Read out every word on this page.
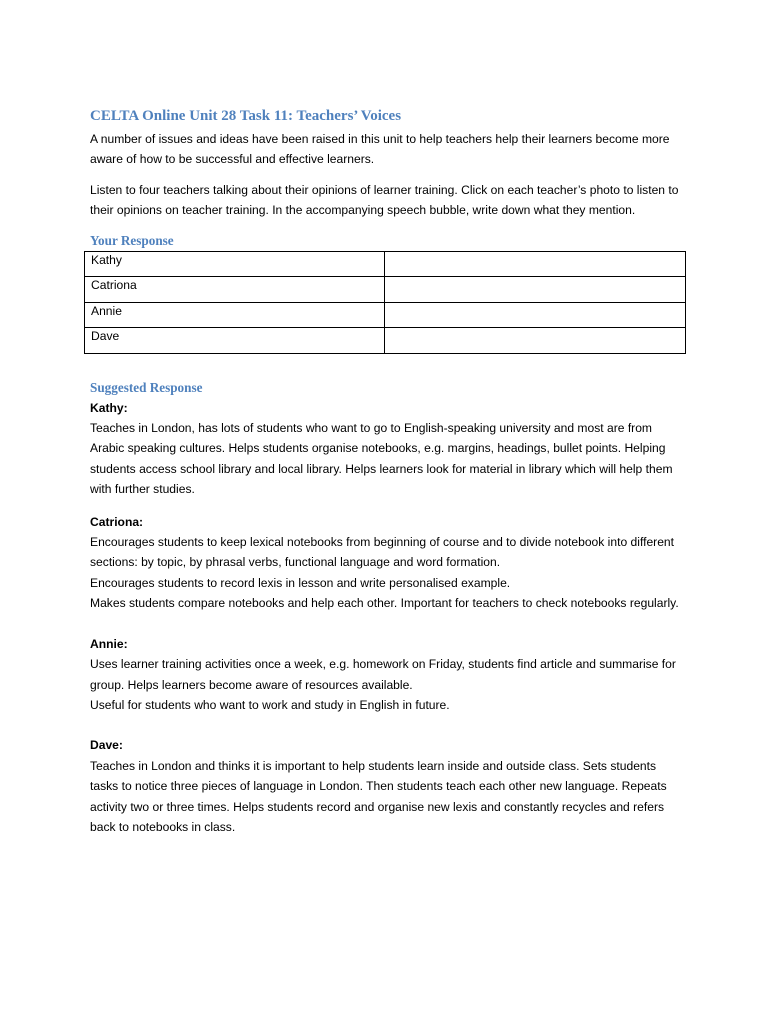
CELTA Online Unit 28 Task 11: Teachers’ Voices

A number of issues and ideas have been raised in this unit to help teachers help their learners become more aware of how to be successful and effective learners.

Listen to four teachers talking about their opinions of learner training. Click on each teacher’s photo to listen to their opinions on teacher training. In the accompanying speech bubble, write down what they mention.

Your Response
Kathy	
Catriona	
Annie	
Dave	
Suggested Response

Kathy:

Teaches in London, has lots of students who want to go to English-speaking university and most are from Arabic speaking cultures. Helps students organise notebooks, e.g. margins, headings, bullet points. Helping students access school library and local library. Helps learners look for material in library which will help them with further studies.

Catriona:

Encourages students to keep lexical notebooks from beginning of course and to divide notebook into different sections: by topic, by phrasal verbs, functional language and word formation.

Encourages students to record lexis in lesson and write personalised example.

Makes students compare notebooks and help each other. Important for teachers to check notebooks regularly.

Annie:

Uses learner training activities once a week, e.g. homework on Friday, students find article and summarise for group. Helps learners become aware of resources available.

Useful for students who want to work and study in English in future.

Dave:

Teaches in London and thinks it is important to help students learn inside and outside class. Sets students tasks to notice three pieces of language in London. Then students teach each other new language. Repeats activity two or three times. Helps students record and organise new lexis and constantly recycles and refers back to notebooks in class.
